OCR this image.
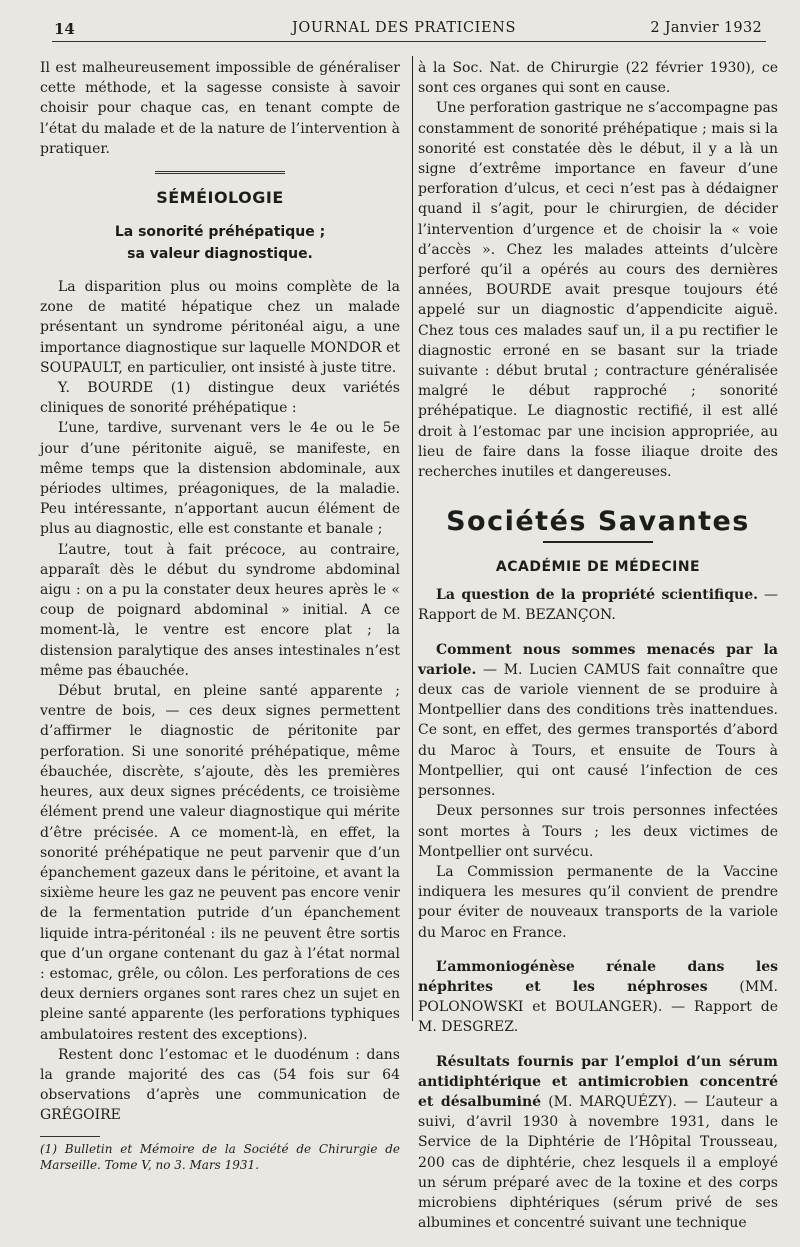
14	JOURNAL DES PRATICIENS	2 Janvier 1932

Il est malheureusement impossible de généraliser cette méthode, et la sagesse consiste à savoir choisir pour chaque cas, en tenant compte de l’état du malade et de la nature de l’intervention à pratiquer.

SÉMÉIOLOGIE
La sonorité préhépatique ;
sa valeur diagnostique.

La disparition plus ou moins complète de la zone de matité hépatique chez un malade présentant un syndrome péritonéal aigu, a une importance diagnostique sur laquelle MONDOR et SOUPAULT, en particulier, ont insisté à juste titre.

Y. BOURDE (1) distingue deux variétés cliniques de sonorité préhépatique :

L’une, tardive, survenant vers le 4e ou le 5e jour d’une péritonite aiguë, se manifeste, en même temps que la distension abdominale, aux périodes ultimes, préagoniques, de la maladie. Peu intéressante, n’apportant aucun élément de plus au diagnostic, elle est constante et banale ;

L’autre, tout à fait précoce, au contraire, apparaît dès le début du syndrome abdominal aigu : on a pu la constater deux heures après le « coup de poignard abdominal » initial. A ce moment-là, le ventre est encore plat ; la distension paralytique des anses intestinales n’est même pas ébauchée.

Début brutal, en pleine santé apparente ; ventre de bois, — ces deux signes permettent d’affirmer le diagnostic de péritonite par perforation. Si une sonorité préhépatique, même ébauchée, discrète, s’ajoute, dès les premières heures, aux deux signes précédents, ce troisième élément prend une valeur diagnostique qui mérite d’être précisée. A ce moment-là, en effet, la sonorité préhépatique ne peut parvenir que d’un épanchement gazeux dans le péritoine, et avant la sixième heure les gaz ne peuvent pas encore venir de la fermentation putride d’un épanchement liquide intra-péritonéal : ils ne peuvent être sortis que d’un organe contenant du gaz à l’état normal : estomac, grêle, ou côlon. Les perforations de ces deux derniers organes sont rares chez un sujet en pleine santé apparente (les perforations typhiques ambulatoires restent des exceptions).

Restent donc l’estomac et le duodénum : dans la grande majorité des cas (54 fois sur 64 observations d’après une communication de GRÉGOIRE

(1) Bulletin et Mémoire de la Société de Chirurgie de Marseille. Tome V, no 3. Mars 1931.

à la Soc. Nat. de Chirurgie (22 février 1930), ce sont ces organes qui sont en cause.

Une perforation gastrique ne s’accompagne pas constamment de sonorité préhépatique ; mais si la sonorité est constatée dès le début, il y a là un signe d’extrême importance en faveur d’une perforation d’ulcus, et ceci n’est pas à dédaigner quand il s’agit, pour le chirurgien, de décider l’intervention d’urgence et de choisir la « voie d’accès ». Chez les malades atteints d’ulcère perforé qu’il a opérés au cours des dernières années, BOURDE avait presque toujours été appelé sur un diagnostic d’appendicite aiguë. Chez tous ces malades sauf un, il a pu rectifier le diagnostic erroné en se basant sur la triade suivante : début brutal ; contracture généralisée malgré le début rapproché ; sonorité préhépatique. Le diagnostic rectifié, il est allé droit à l’estomac par une incision appropriée, au lieu de faire dans la fosse iliaque droite des recherches inutiles et dangereuses.

Sociétés Savantes
ACADÉMIE DE MÉDECINE

La question de la propriété scientifique. — Rapport de M. BEZANÇON.

Comment nous sommes menacés par la variole. — M. Lucien CAMUS fait connaître que deux cas de variole viennent de se produire à Montpellier dans des conditions très inattendues. Ce sont, en effet, des germes transportés d’abord du Maroc à Tours, et ensuite de Tours à Montpellier, qui ont causé l’infection de ces personnes.

Deux personnes sur trois personnes infectées sont mortes à Tours ; les deux victimes de Montpellier ont survécu.

La Commission permanente de la Vaccine indiquera les mesures qu’il convient de prendre pour éviter de nouveaux transports de la variole du Maroc en France.

L’ammoniogénèse rénale dans les néphrites et les néphroses (MM. POLONOWSKI et BOULANGER). — Rapport de M. DESGREZ.

Résultats fournis par l’emploi d’un sérum antidiphtérique et antimicrobien concentré et désalbuminé (M. MARQUÉZY). — L’auteur a suivi, d’avril 1930 à novembre 1931, dans le Service de la Diphtérie de l’Hôpital Trousseau, 200 cas de diphtérie, chez lesquels il a employé un sérum préparé avec de la toxine et des corps microbiens diphtériques (sérum privé de ses albumines et concentré suivant une technique
